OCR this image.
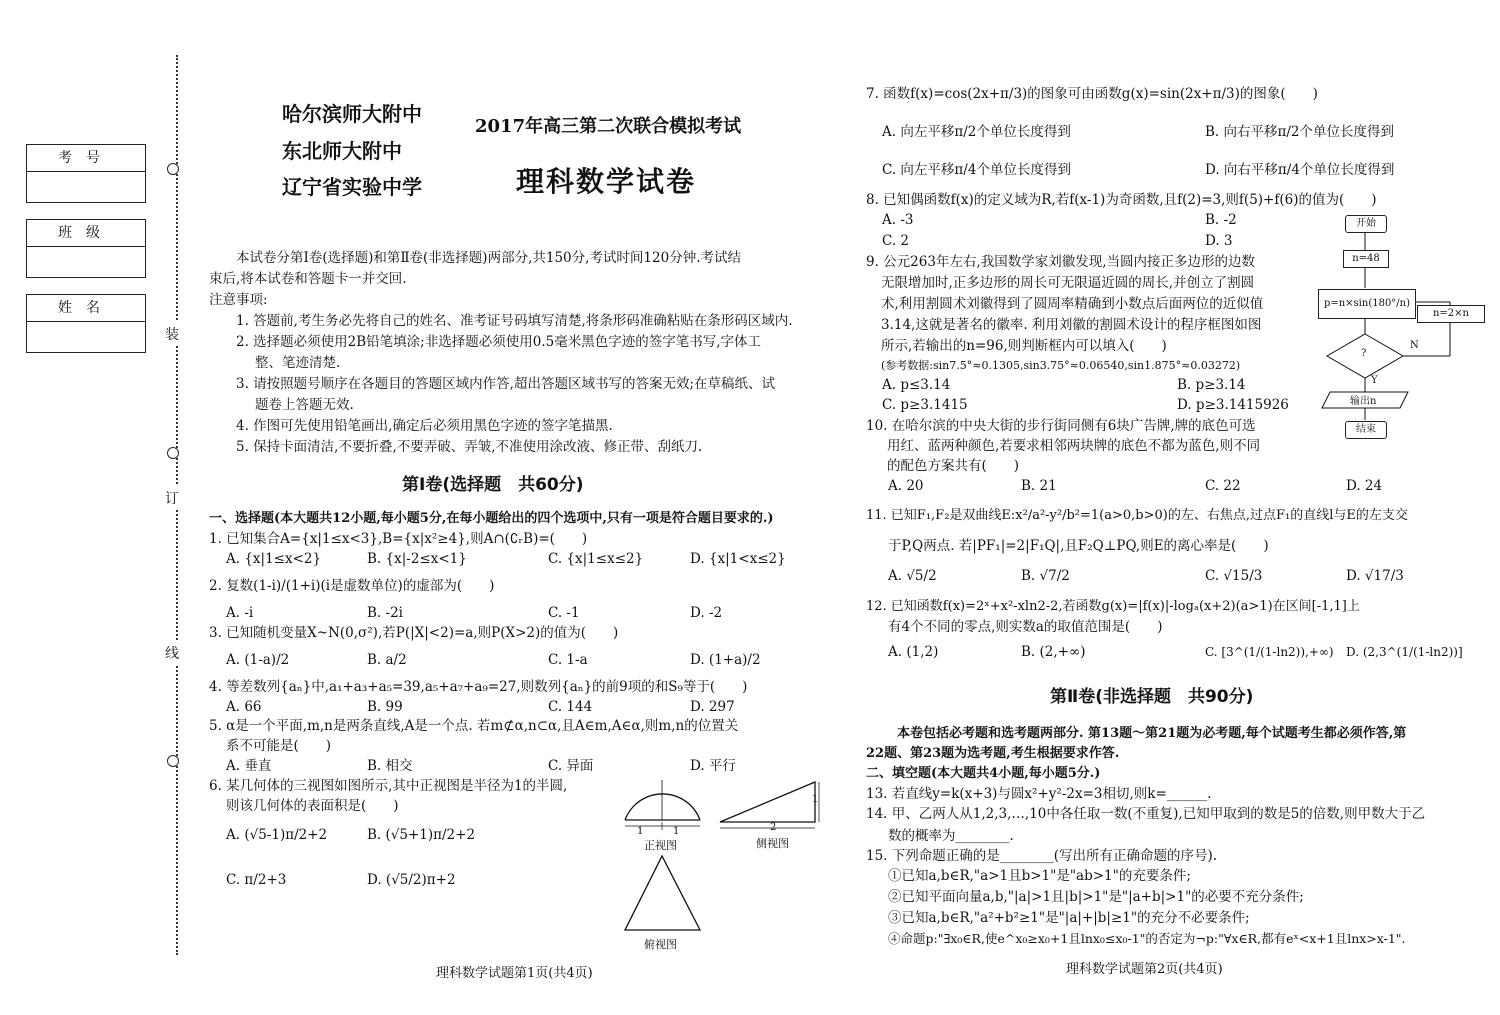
装
订
线
考号
班级
姓名
哈尔滨师大附中
东北师大附中
辽宁省实验中学
2017年高三第二次联合模拟考试
理科数学试卷
本试卷分第Ⅰ卷(选择题)和第Ⅱ卷(非选择题)两部分,共150分,考试时间120分钟.考试结
束后,将本试卷和答题卡一并交回.
注意事项:
1. 答题前,考生务必先将自己的姓名、准考证号码填写清楚,将条形码准确粘贴在条形码区域内.
2. 选择题必须使用2B铅笔填涂;非选择题必须使用0.5毫米黑色字迹的签字笔书写,字体工
整、笔迹清楚.
3. 请按照题号顺序在各题目的答题区域内作答,超出答题区域书写的答案无效;在草稿纸、试
题卷上答题无效.
4. 作图可先使用铅笔画出,确定后必须用黑色字迹的签字笔描黑.
5. 保持卡面清洁,不要折叠,不要弄破、弄皱,不准使用涂改液、修正带、刮纸刀.
第Ⅰ卷(选择题　共60分)
一、选择题(本大题共12小题,每小题5分,在每小题给出的四个选项中,只有一项是符合题目要求的.)
1. 已知集合A={x|1≤x<3},B={x|x²≥4},则A∩(∁ᵣB)=(　　)
A. {x|1≤x<2}	B. {x|-2≤x<1}	C. {x|1≤x≤2}	D. {x|1<x≤2}
2. 复数(1-i)/(1+i)(i是虚数单位)的虚部为(　　)
A. -i	B. -2i	C. -1	D. -2
3. 已知随机变量X~N(0,σ²),若P(|X|<2)=a,则P(X>2)的值为(　　)
A. (1-a)/2	B. a/2	C. 1-a	D. (1+a)/2
4. 等差数列{aₙ}中,a₁+a₃+a₅=39,a₅+a₇+a₉=27,则数列{aₙ}的前9项的和S₉等于(　　)
A. 66	B. 99	C. 144	D. 297
5. α是一个平面,m,n是两条直线,A是一个点. 若m⊄α,n⊂α,且A∈m,A∈α,则m,n的位置关
系不可能是(　　)
A. 垂直	B. 相交	C. 异面	D. 平行
6. 某几何体的三视图如图所示,其中正视图是半径为1的半圆,
则该几何体的表面积是(　　)
A. (√5-1)π/2+2	B. (√5+1)π/2+2
C. π/2+3	D. (√5/2)π+2
1	1	2
1
正视图	侧视图
俯视图
理科数学试题第1页(共4页)
7. 函数f(x)=cos(2x+π/3)的图象可由函数g(x)=sin(2x+π/3)的图象(　　)
A. 向左平移π/2个单位长度得到	B. 向右平移π/2个单位长度得到
C. 向左平移π/4个单位长度得到	D. 向右平移π/4个单位长度得到
8. 已知偶函数f(x)的定义域为R,若f(x-1)为奇函数,且f(2)=3,则f(5)+f(6)的值为(　　)
A. -3	B. -2
C. 2	D. 3
9. 公元263年左右,我国数学家刘徽发现,当圆内接正多边形的边数
无限增加时,正多边形的周长可无限逼近圆的周长,并创立了割圆
术,利用割圆术刘徽得到了圆周率精确到小数点后面两位的近似值
3.14,这就是著名的徽率. 利用刘徽的割圆术设计的程序框图如图
所示,若输出的n=96,则判断框内可以填入(　　)
(参考数据:sin7.5°≈0.1305,sin3.75°≈0.06540,sin1.875°≈0.03272)
A. p≤3.14	B. p≥3.14
C. p≥3.1415	D. p≥3.1415926
开始
n=48
p=n×sin(180°/n)
n=2×n
?
N
Y
输出n
结束
10. 在哈尔滨的中央大街的步行街同侧有6块广告牌,牌的底色可选
用红、蓝两种颜色,若要求相邻两块牌的底色不都为蓝色,则不同
的配色方案共有(　　)
A. 20	B. 21	C. 22	D. 24
11. 已知F₁,F₂是双曲线E:x²/a²-y²/b²=1(a>0,b>0)的左、右焦点,过点F₁的直线l与E的左支交
于P,Q两点. 若|PF₁|=2|F₁Q|,且F₂Q⊥PQ,则E的离心率是(　　)
A. √5/2	B. √7/2	C. √15/3	D. √17/3
12. 已知函数f(x)=2ˣ+x²-xln2-2,若函数g(x)=|f(x)|-logₐ(x+2)(a>1)在区间[-1,1]上
有4个不同的零点,则实数a的取值范围是(　　)
A. (1,2)	B. (2,+∞)	C. [3^(1/(1-ln2)),+∞) D. (2,3^(1/(1-ln2))]
第Ⅱ卷(非选择题　共90分)
本卷包括必考题和选考题两部分. 第13题～第21题为必考题,每个试题考生都必须作答,第
22题、第23题为选考题,考生根据要求作答.
二、填空题(本大题共4小题,每小题5分.)
13. 若直线y=k(x+3)与圆x²+y²-2x=3相切,则k=______.
14. 甲、乙两人从1,2,3,…,10中各任取一数(不重复),已知甲取到的数是5的倍数,则甲数大于乙
数的概率为________.
15. 下列命题正确的是________(写出所有正确命题的序号).
①已知a,b∈R,"a>1且b>1"是"ab>1"的充要条件;
②已知平面向量a,b,"|a|>1且|b|>1"是"|a+b|>1"的必要不充分条件;
③已知a,b∈R,"a²+b²≥1"是"|a|+|b|≥1"的充分不必要条件;
④命题p:"∃x₀∈R,使e^x₀≥x₀+1且lnx₀≤x₀-1"的否定为¬p:"∀x∈R,都有eˣ<x+1且lnx>x-1".
理科数学试题第2页(共4页)
